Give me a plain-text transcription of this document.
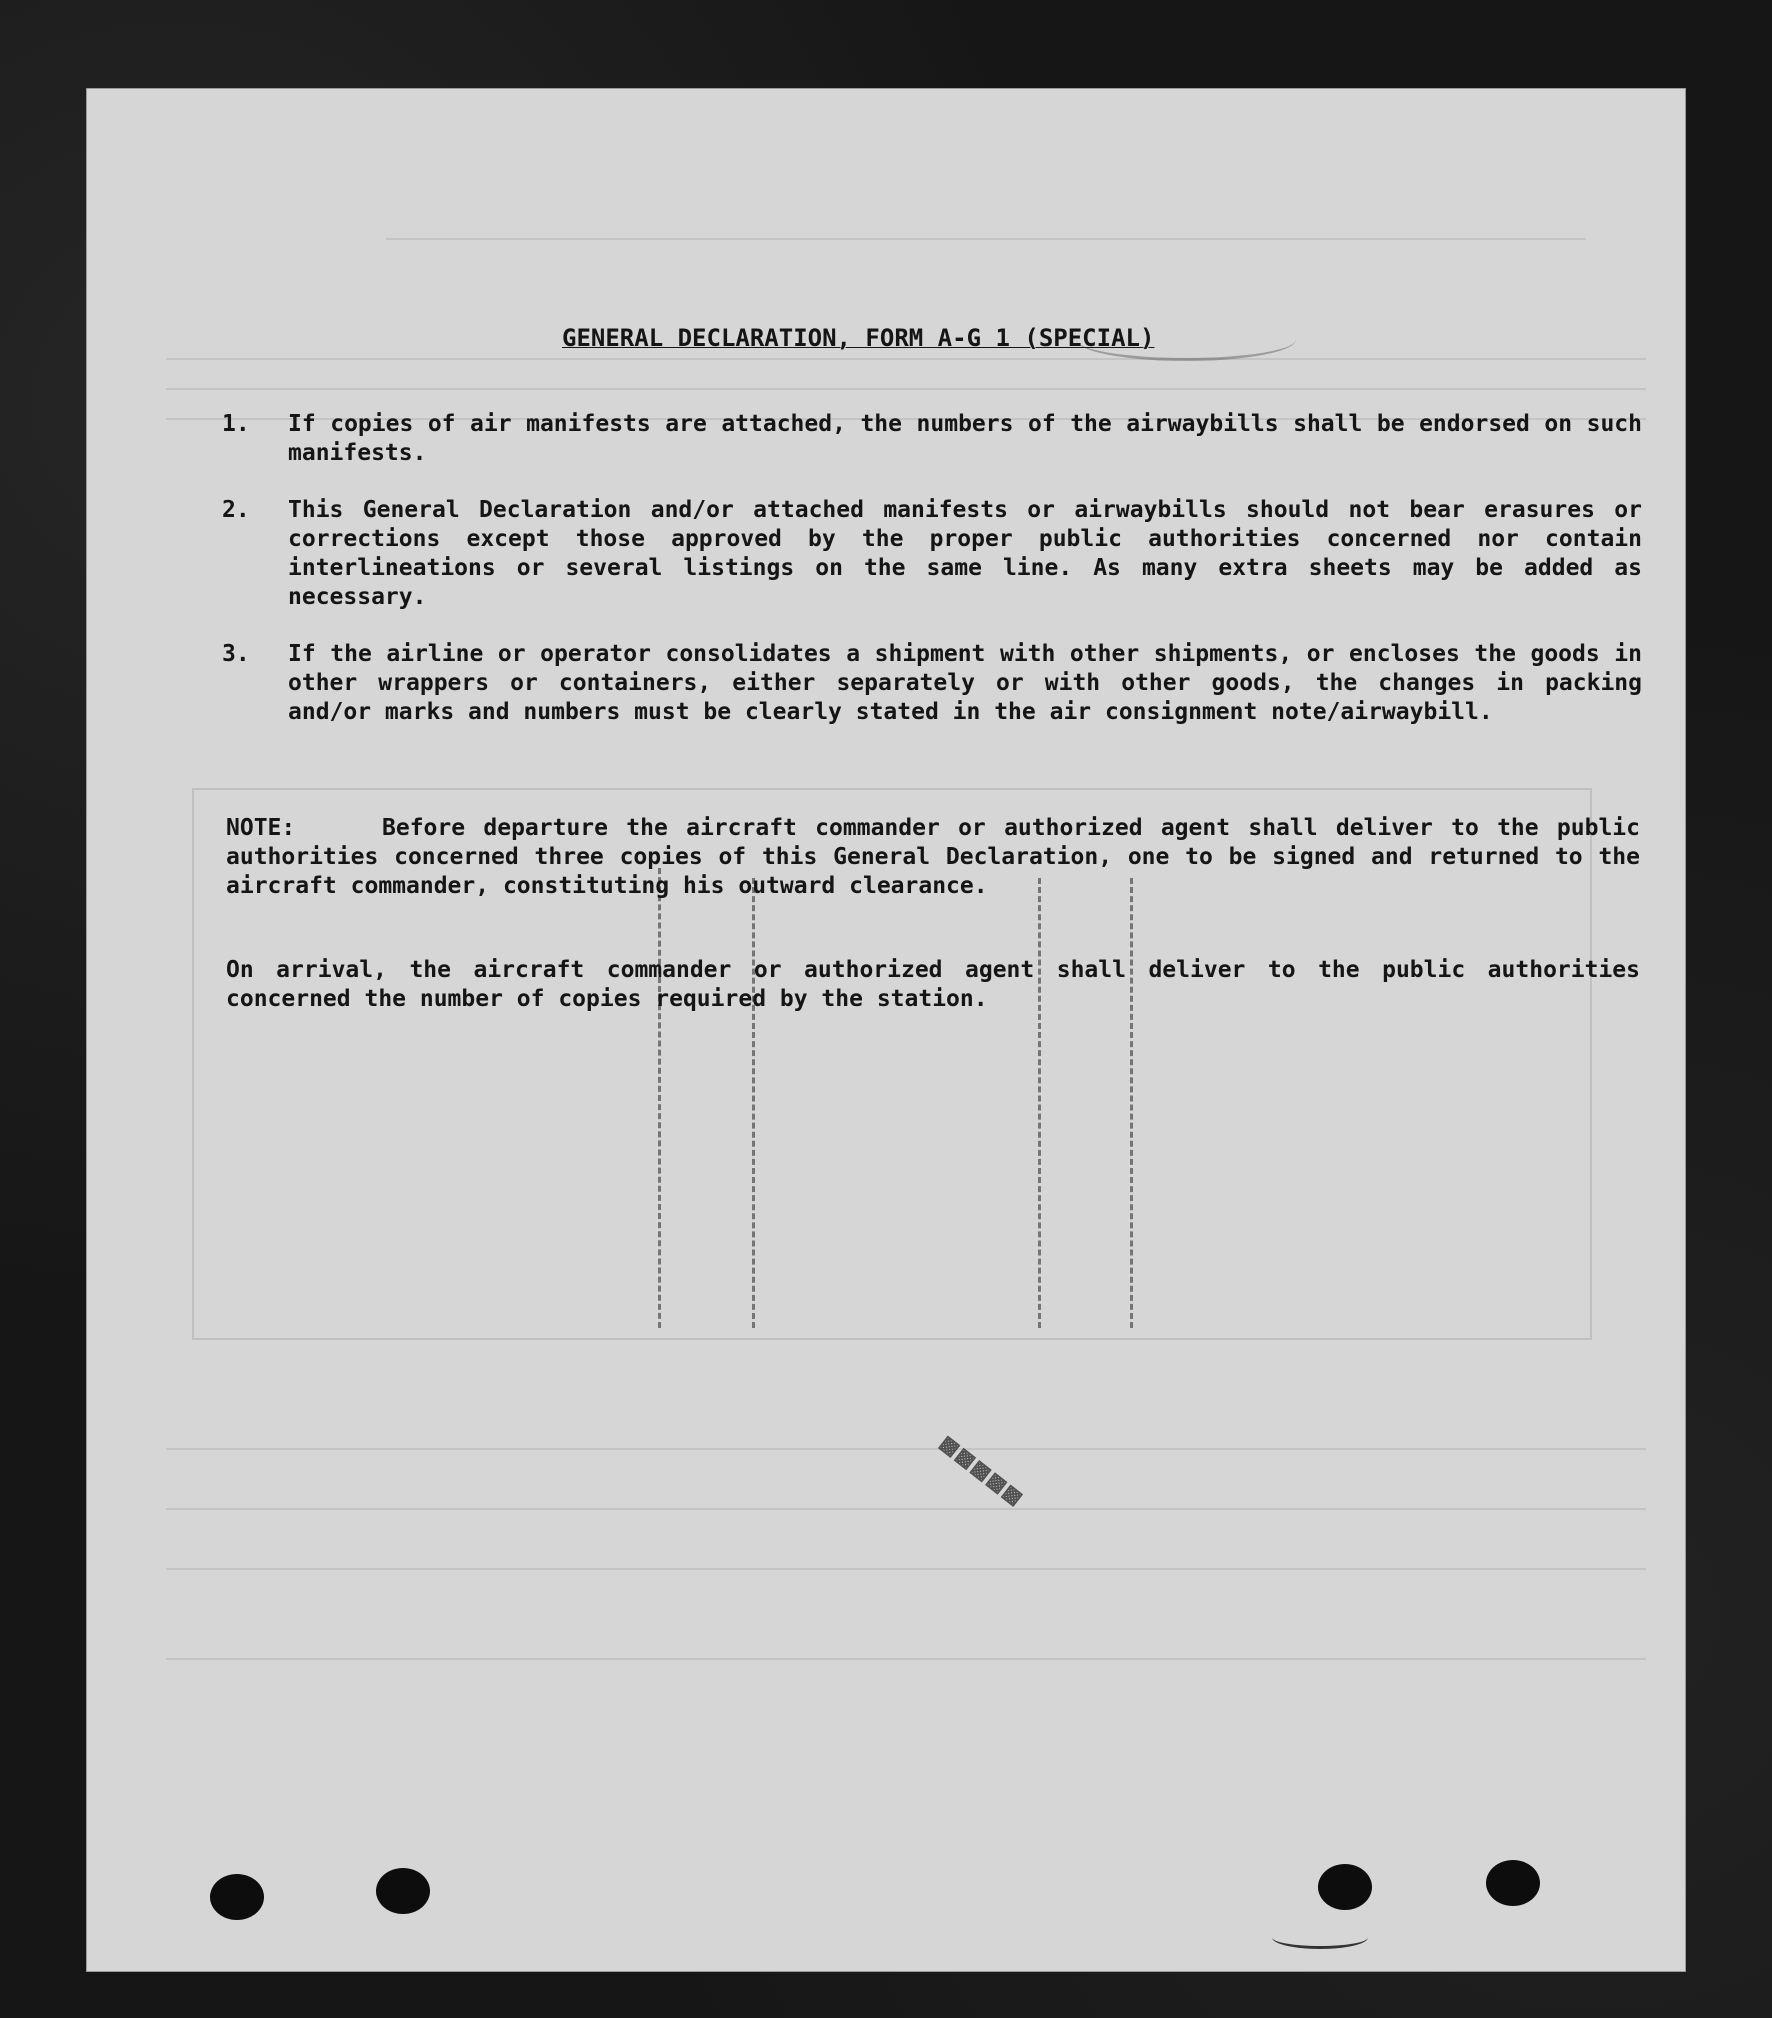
GENERAL DECLARATION, FORM A-G 1 (SPECIAL)
1.	If copies of air manifests are attached, the numbers of the airwaybills shall be endorsed on such manifests.
2.	This General Declaration and/or attached manifests or airwaybills should not bear erasures or corrections except those approved by the proper public authorities concerned nor contain interlineations or several listings on the same line. As many extra sheets may be added as necessary.
3.	If the airline or operator consolidates a shipment with other shipments, or encloses the goods in other wrappers or containers, either separately or with other goods, the changes in packing and/or marks and numbers must be clearly stated in the air consignment note/airwaybill.
NOTE:	Before departure the aircraft commander or authorized agent shall deliver to the public authorities concerned three copies of this General Declaration, one to be signed and returned to the aircraft commander, constituting his outward clearance.
On arrival, the aircraft commander or authorized agent shall deliver to the public authorities concerned the number of copies required by the station.
▩▩▩▩▩
